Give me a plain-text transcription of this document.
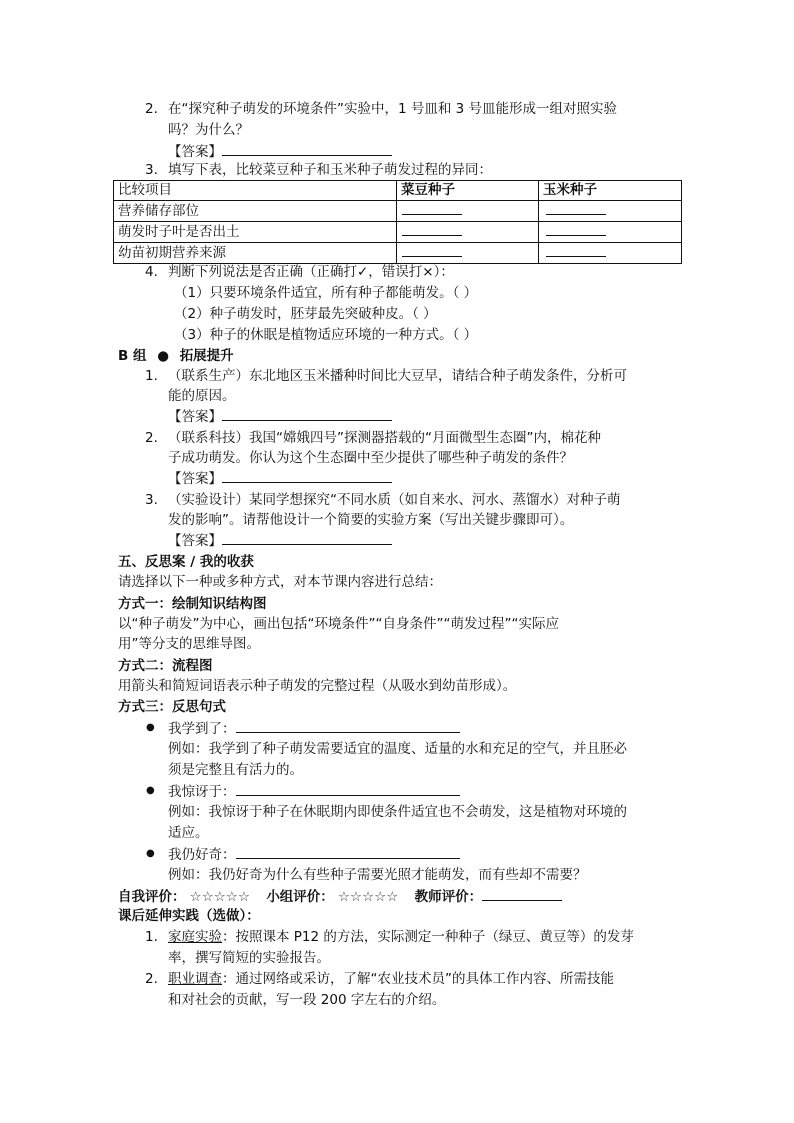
2. 在“探究种子萌发的环境条件”实验中，1 号皿和 3 号皿能形成一组对照实验
吗？为什么？
【答案】
3. 填写下表，比较菜豆种子和玉米种子萌发过程的异同：
比较项目	菜豆种子	玉米种子
营养储存部位		
萌发时子叶是否出土		
幼苗初期营养来源		
4. 判断下列说法是否正确（正确打✓，错误打×）：
（1）只要环境条件适宜，所有种子都能萌发。（ ）
（2）种子萌发时，胚芽最先突破种皮。（ ）
（3）种子的休眠是植物适应环境的一种方式。（ ）
B 组 ● 拓展提升
1. （联系生产）东北地区玉米播种时间比大豆早，请结合种子萌发条件，分析可
能的原因。
【答案】
2. （联系科技）我国“嫦娥四号”探测器搭载的“月面微型生态圈”内，棉花种
子成功萌发。你认为这个生态圈中至少提供了哪些种子萌发的条件？
【答案】
3. （实验设计）某同学想探究“不同水质（如自来水、河水、蒸馏水）对种子萌
发的影响”。请帮他设计一个简要的实验方案（写出关键步骤即可）。
【答案】
五、反思案 / 我的收获
请选择以下一种或多种方式，对本节课内容进行总结：
方式一：绘制知识结构图
以“种子萌发”为中心，画出包括“环境条件”“自身条件”“萌发过程”“实际应
用”等分支的思维导图。
方式二：流程图
用箭头和简短词语表示种子萌发的完整过程（从吸水到幼苗形成）。
方式三：反思句式
● 我学到了：
例如：我学到了种子萌发需要适宜的温度、适量的水和充足的空气，并且胚必
须是完整且有活力的。
● 我惊讶于：
例如：我惊讶于种子在休眠期内即使条件适宜也不会萌发，这是植物对环境的
适应。
● 我仍好奇：
例如：我仍好奇为什么有些种子需要光照才能萌发，而有些却不需要？
自我评价： ☆☆☆☆☆ 小组评价： ☆☆☆☆☆ 教师评价：
课后延伸实践（选做）：
1. 家庭实验：按照课本 P12 的方法，实际测定一种种子（绿豆、黄豆等）的发芽
率，撰写简短的实验报告。
2. 职业调查：通过网络或采访，了解“农业技术员”的具体工作内容、所需技能
和对社会的贡献，写一段 200 字左右的介绍。
